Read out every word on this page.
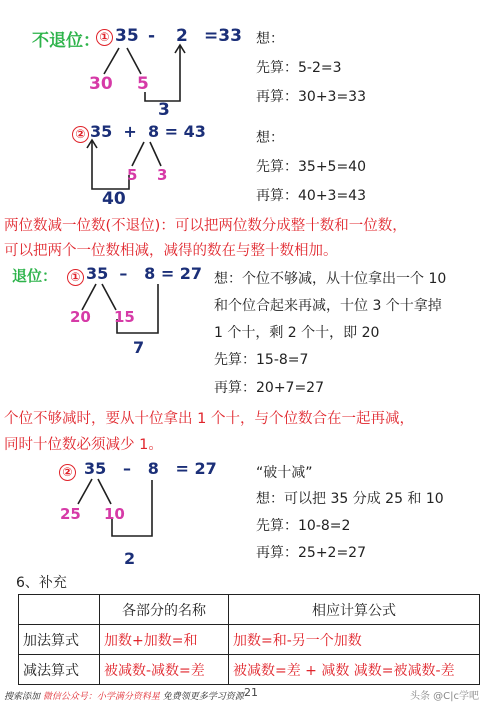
不退位： ① 35 - 2 =33
30 5
3
想：
先算：5-2=3
再算：30+3=33
② 35  +  8 = 43
5 3
40
想：
先算：35+5=40
再算：40+3=43
两位数减一位数(不退位)：可以把两位数分成整十数和一位数，
可以把两个一位数相减，减得的数在与整十数相加。
退位： ① 35  –   8 = 27
20 15
7
想：个位不够减，从十位拿出一个 10
和个位合起来再减，十位 3 个十拿掉
1 个十，剩 2 个十，即 20
先算：15-8=7
再算：20+7=27
个位不够减时，要从十位拿出 1 个十，与个位数合在一起再减，
同时十位数必须减少 1。
② 35   –   8   = 27
25 10
2
“破十减”
想：可以把 35 分成 25 和 10
先算：10-8=2
再算：25+2=27
6、补充
	各部分的名称	相应计算公式
加法算式	加数+加数=和	加数=和-另一个加数
减法算式	被减数-减数=差	被减数=差 + 减数 减数=被减数-差
搜索添加 微信公众号：小学满分资料星 免费领更多学习资源 21	头条 @C|c学吧
